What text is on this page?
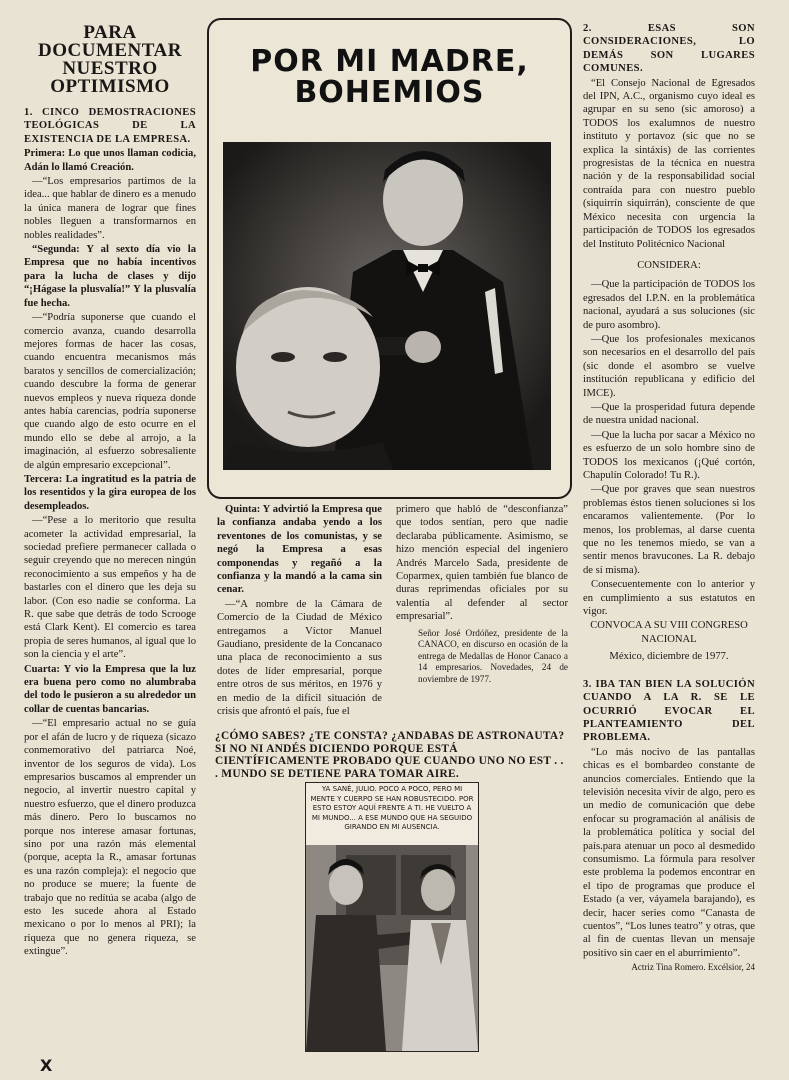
PARA
DOCUMENTAR
NUESTRO
OPTIMISMO

1. CINCO DEMOSTRACIONES TEOLÓGICAS DE LA EXISTENCIA DE LA EMPRESA.

Primera: Lo que unos llaman codicia, Adán lo llamó Creación.

—“Los empresarios partimos de la idea... que hablar de dinero es a menudo la única manera de lograr que fines nobles lleguen a transformarnos en nobles realidades”.

“Segunda: Y al sexto día vio la Empresa que no había incentivos para la lucha de clases y dijo “¡Hágase la plusvalía!” Y la plusvalía fue hecha.

—“Podría suponerse que cuando el comercio avanza, cuando desarrolla mejores formas de hacer las cosas, cuando encuentra mecanismos más baratos y sencillos de comercialización; cuando descubre la forma de generar nuevos empleos y nueva riqueza donde antes había carencias, podría suponerse que cuando algo de esto ocurre en el mundo ello se debe al arrojo, a la imaginación, al esfuerzo sobresaliente de algún empresario excepcional”.

Tercera: La ingratitud es la patria de los resentidos y la gira europea de los desempleados.

—“Pese a lo meritorio que resulta acometer la actividad empresarial, la sociedad prefiere permanecer callada o seguir creyendo que no merecen ningún reconocimiento a sus empeños y ha de bastarles con el dinero que les deja su labor. (Con eso nadie se conforma. La R. que sabe que detrás de todo Scrooge está Clark Kent). El comercio es tarea propia de seres humanos, al igual que lo son la ciencia y el arte”.

Cuarta: Y vio la Empresa que la luz era buena pero como no alumbraba del todo le pusieron a su alrededor un collar de cuentas bancarias.

—“El empresario actual no se guía por el afán de lucro y de riqueza (sicazo conmemorativo del patriarca Noé, inventor de los seguros de vida). Los empresarios buscamos al emprender un negocio, al invertir nuestro capital y nuestro esfuerzo, que el dinero produzca más dinero. Pero lo buscamos no porque nos interese amasar fortunas, sino por una razón más elemental (porque, acepta la R., amasar fortunas es una razón compleja): el negocio que no produce se muere; la fuente de trabajo que no redítúa se acaba (algo de esto les sucede ahora al Estado mexicano o por lo menos al PRI); la riqueza que no genera riqueza, se extingue”.

X
POR MI MADRE,
BOHEMIOS

Quinta: Y advirtió la Empresa que la confianza andaba yendo a los reventones de los comunistas, y se negó la Empresa a esas componendas y regañó a la confianza y la mandó a la cama sin cenar.

—“A nombre de la Cámara de Comercio de la Ciudad de México entregamos a Víctor Manuel Gaudiano, presidente de la Concanaco una placa de reconocimiento a sus dotes de líder empresarial, porque entre otros de sus méritos, en 1976 y en medio de la difícil situación de crisis que afrontó el país, fue el

primero que habló de “desconfianza” que todos sentían, pero que nadie declaraba públicamente. Asimismo, se hizo mención especial del ingeniero Andrés Marcelo Sada, presidente de Coparmex, quien también fue blanco de duras reprimendas oficiales por su valentía al defender al sector empresarial”.

Señor José Ordóñez, presidente de la CANACO, en discurso en ocasión de la entrega de Medallas de Honor Canaco a 14 empresarios. Novedades, 24 de noviembre de 1977.

¿CÓMO SABES? ¿TE CONSTA? ¿ANDABAS DE ASTRONAUTA? SI NO NI ANDÉS DICIENDO PORQUE ESTÁ CIENTÍFICAMENTE PROBADO QUE CUANDO UNO NO EST . . . MUNDO SE DETIENE PARA TOMAR AIRE.
YA SANÉ, JULIO. POCO A POCO, PERO MI MENTE Y CUERPO SE HAN ROBUSTECIDO. POR ESTO ESTOY AQUÍ FRENTE A TI. HE VUELTO A MI MUNDO... A ESE MUNDO QUE HA SEGUIDO GIRANDO EN MI AUSENCIA.

2. ESAS SON CONSIDERACIONES, LO DEMÁS SON LUGARES COMUNES.

“El Consejo Nacional de Egresados del IPN, A.C., organismo cuyo ideal es agrupar en su seno (sic amoroso) a TODOS los exalumnos de nuestro instituto y portavoz (sic que no se explica la sintáxis) de las corrientes progresistas de la técnica en nuestra nación y de la responsabilidad social contraída para con nuestro pueblo (siquirrín siquirrán), consciente de que México necesita con urgencia la participación de TODOS los egresados del Instituto Politécnico Nacional

CONSIDERA:

—Que la participación de TODOS los egresados del I.P.N. en la problemática nacional, ayudará a sus soluciones (sic de puro asombro).

—Que los profesionales mexicanos son necesarios en el desarrollo del país (sic donde el asombro se vuelve institución republicana y edificio del IMCE).

—Que la prosperidad futura depende de nuestra unidad nacional.

—Que la lucha por sacar a México no es esfuerzo de un solo hombre sino de TODOS los mexicanos (¡Qué cortón, Chapulín Colorado! Tu R.).

—Que por graves que sean nuestros problemas éstos tienen soluciones si los encaramos valientemente. (Por lo menos, los problemas, al darse cuenta que no les tenemos miedo, se van a sentir menos bravucones. La R. debajo de sí misma).

Consecuentemente con lo anterior y en cumplimiento a sus estatutos en vigor.

CONVOCA A SU VIII CONGRESO NACIONAL

México, diciembre de 1977.

3. IBA TAN BIEN LA SOLUCIÓN CUANDO A LA R. SE LE OCURRIÓ EVOCAR EL PLANTEAMIENTO DEL PROBLEMA.

“Lo más nocivo de las pantallas chicas es el bombardeo constante de anuncios comerciales. Entiendo que la televisión necesita vivir de algo, pero es un medio de comunicación que debe enfocar su programación al análisis de la problemática política y social del país.para atenuar un poco al desmedido consumismo. La fórmula para resolver este problema la podemos encontrar en el tipo de programas que produce el Estado (a ver, váyamela barajando), es decir, hacer series como “Canasta de cuentos”, “Los lunes teatro” y otras, que al fin de cuentas llevan un mensaje positivo sin caer en el aburrimiento”.

Actriz Tina Romero. Excélsior, 24
